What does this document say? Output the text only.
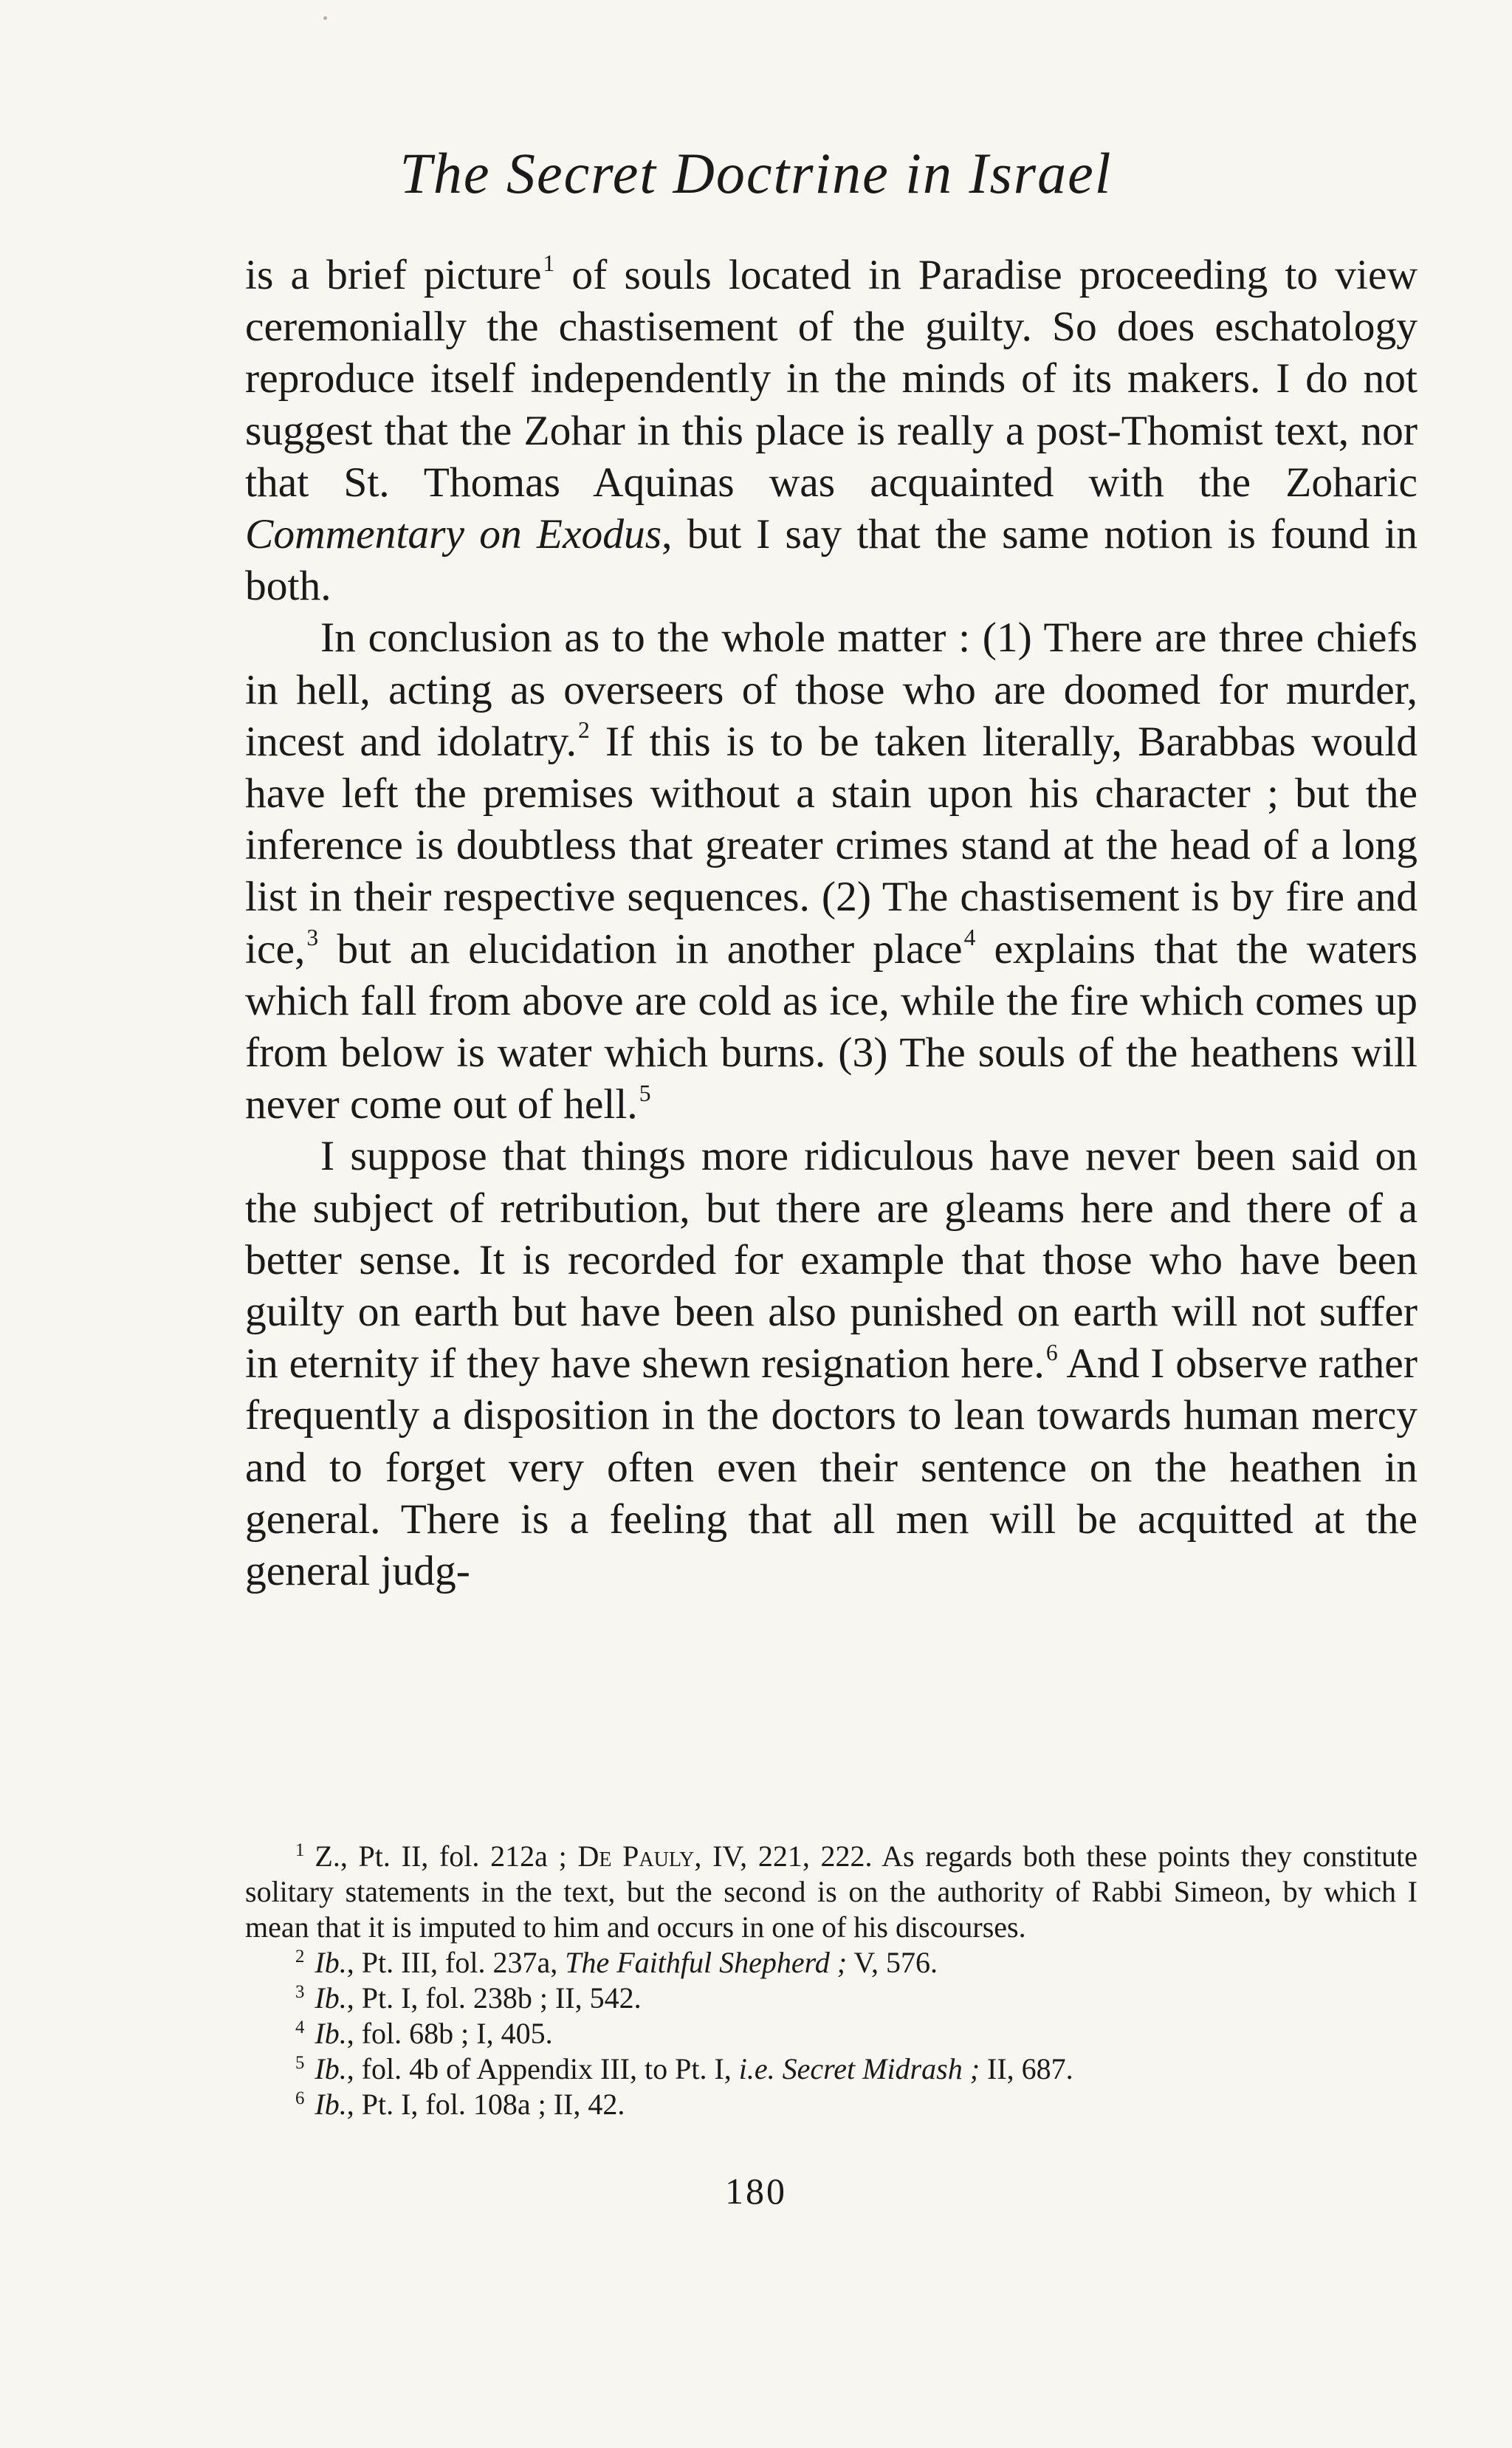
The Secret Doctrine in Israel

is a brief picture$^1$ of souls located in Paradise proceeding to view ceremonially the chastisement of the guilty. So does eschatology reproduce itself independently in the minds of its makers. I do not suggest that the Zohar in this place is really a post-Thomist text, nor that St. Thomas Aquinas was acquainted with the Zoharic Commentary on Exodus, but I say that the same notion is found in both.

In conclusion as to the whole matter : (1) There are three chiefs in hell, acting as overseers of those who are doomed for murder, incest and idolatry.$^2$ If this is to be taken literally, Barabbas would have left the premises without a stain upon his character ; but the inference is doubtless that greater crimes stand at the head of a long list in their respective sequences. (2) The chastisement is by fire and ice,$^3$ but an elucidation in another place$^4$ explains that the waters which fall from above are cold as ice, while the fire which comes up from below is water which burns. (3) The souls of the heathens will never come out of hell.$^5$

I suppose that things more ridiculous have never been said on the subject of retribution, but there are gleams here and there of a better sense. It is recorded for example that those who have been guilty on earth but have been also punished on earth will not suffer in eternity if they have shewn resignation here.$^6$ And I observe rather frequently a disposition in the doctors to lean towards human mercy and to forget very often even their sentence on the heathen in general. There is a feeling that all men will be acquitted at the general judg-

$^1$ Z., Pt. II, fol. 212a ; De Pauly, IV, 221, 222. As regards both these points they constitute solitary statements in the text, but the second is on the authority of Rabbi Simeon, by which I mean that it is imputed to him and occurs in one of his discourses.

$^2$ Ib., Pt. III, fol. 237a, The Faithful Shepherd ; V, 576.

$^3$ Ib., Pt. I, fol. 238b ; II, 542.

$^4$ Ib., fol. 68b ; I, 405.

$^5$ Ib., fol. 4b of Appendix III, to Pt. I, i.e. Secret Midrash ; II, 687.

$^6$ Ib., Pt. I, fol. 108a ; II, 42.

180
